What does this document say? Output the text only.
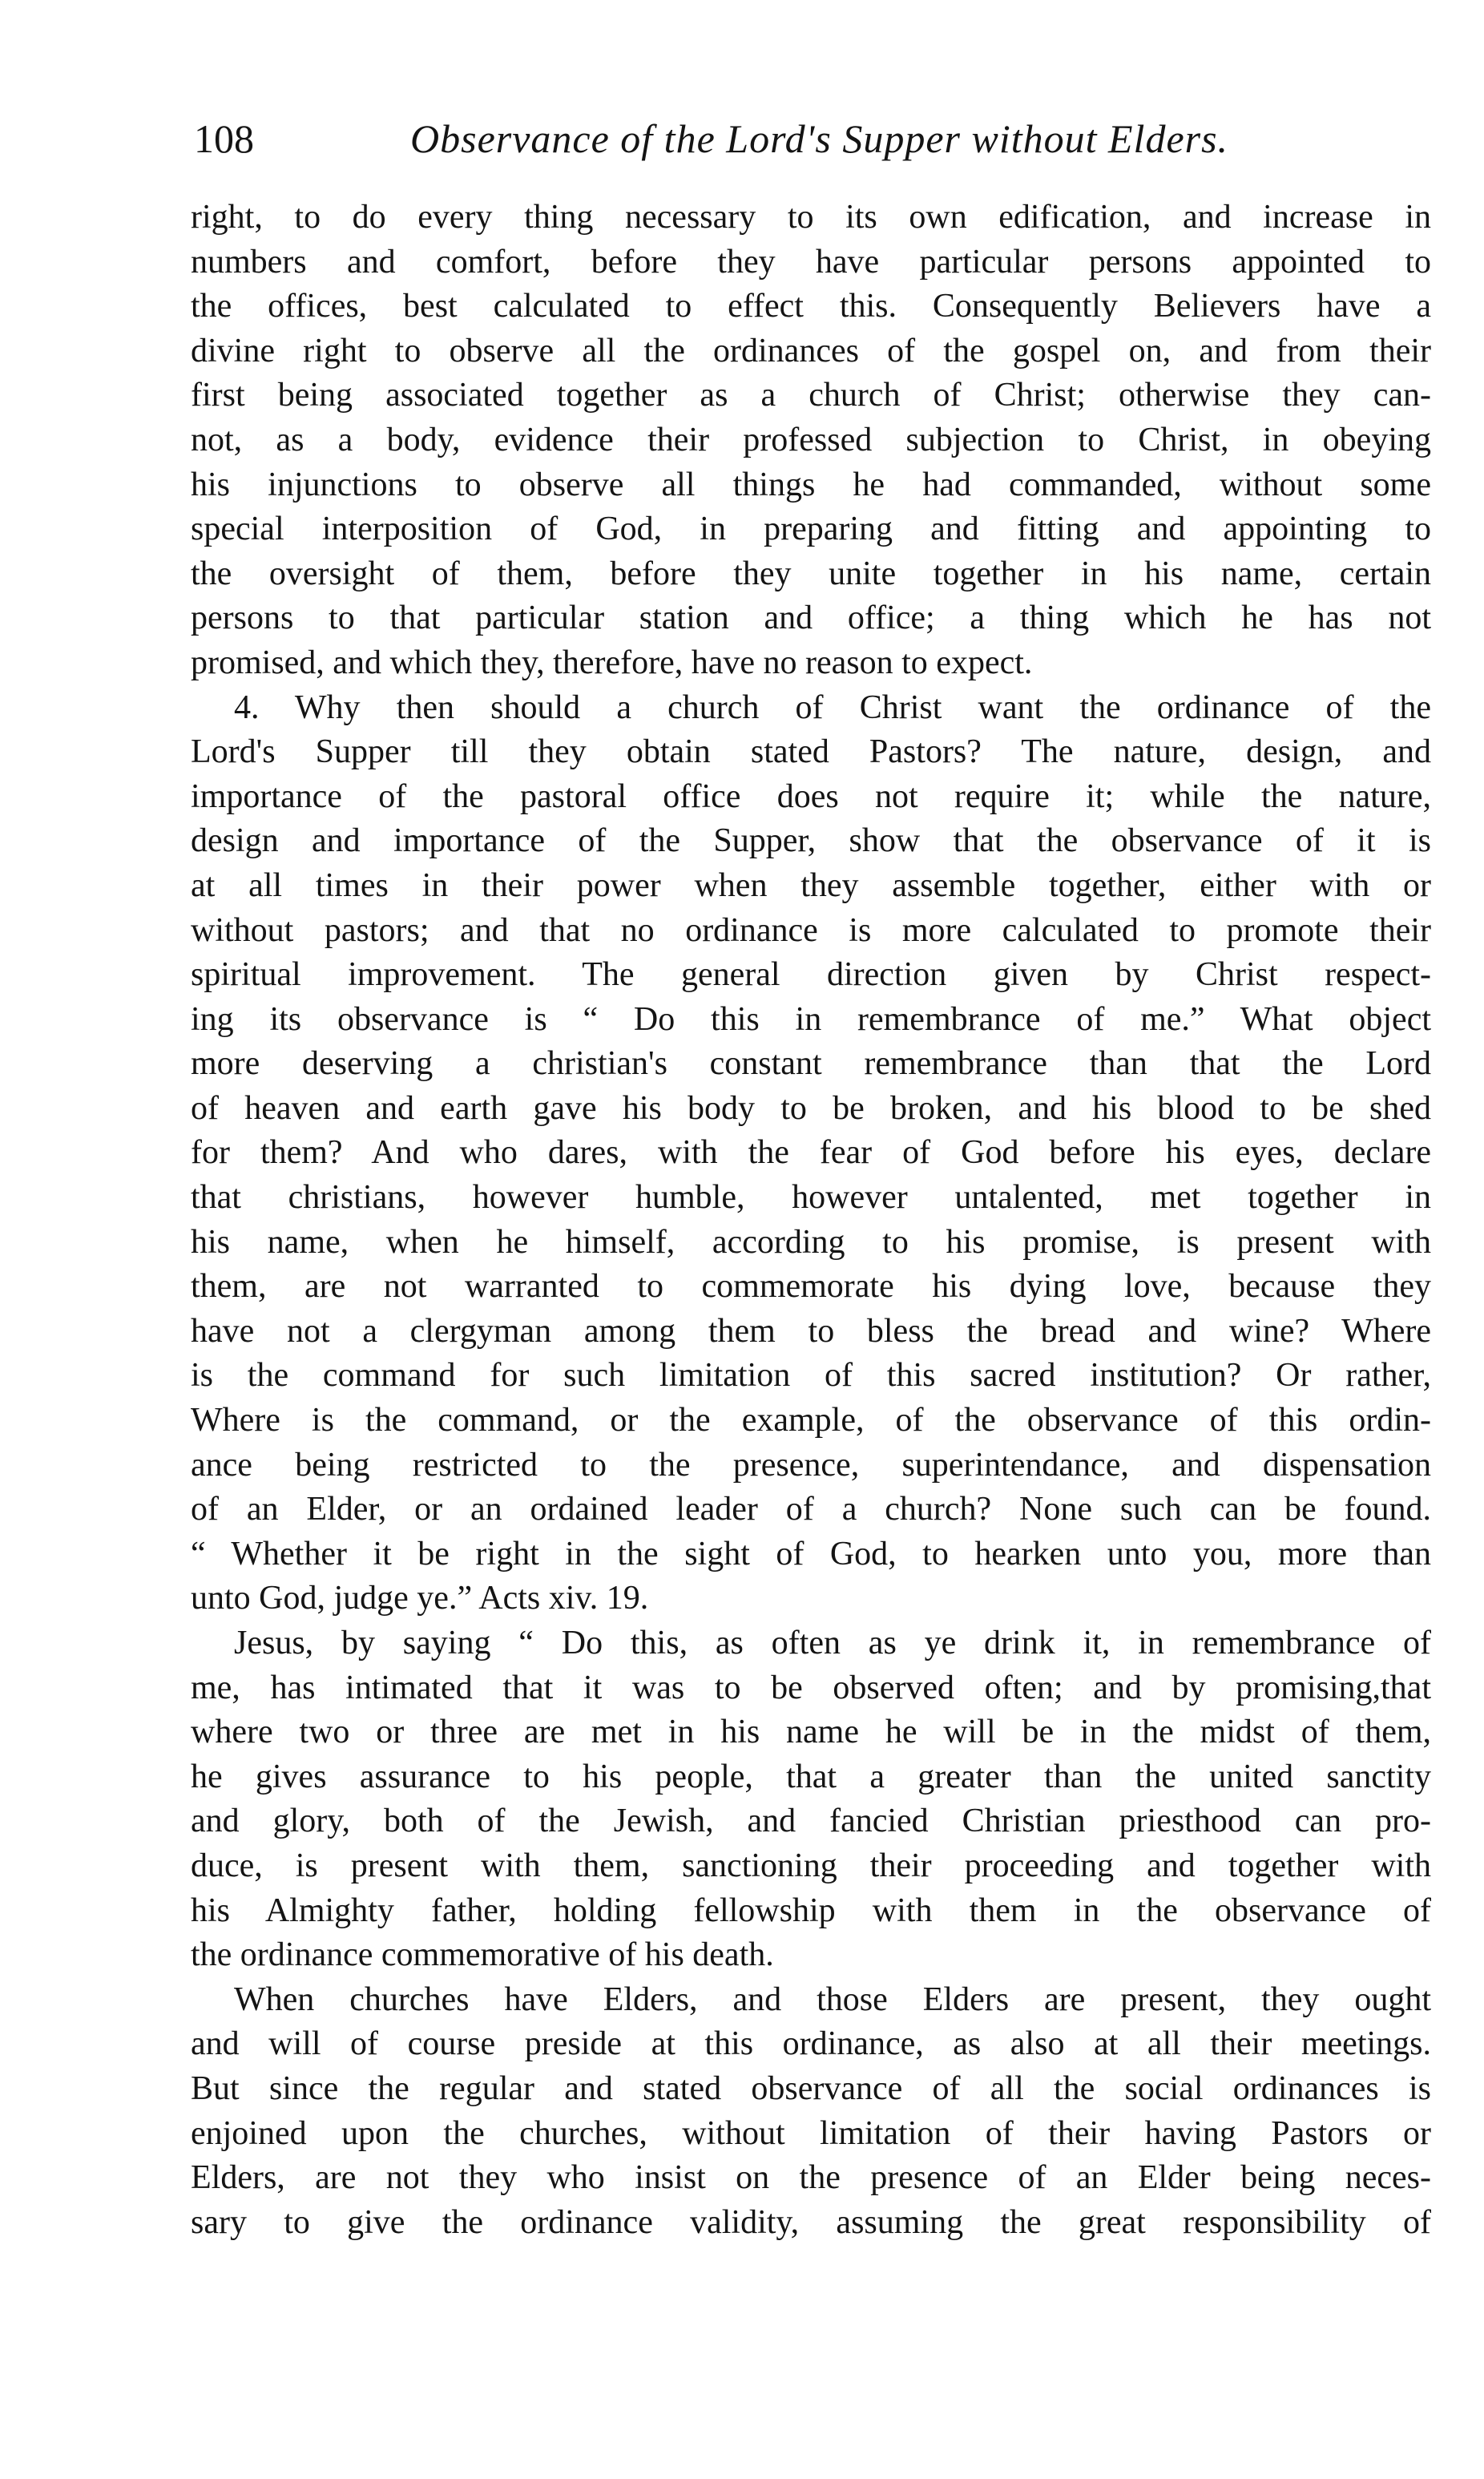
108	Observance of the Lord's Supper without Elders.
right, to do every thing necessary to its own edification, and increase in
numbers and comfort, before they have particular persons appointed to
the offices, best calculated to effect this. Consequently Believers have a
divine right to observe all the ordinances of the gospel on, and from their
first being associated together as a church of Christ; otherwise they can-
not, as a body, evidence their professed subjection to Christ, in obeying
his injunctions to observe all things he had commanded, without some
special interposition of God, in preparing and fitting and appointing to
the oversight of them, before they unite together in his name, certain
persons to that particular station and office; a thing which he has not
promised, and which they, therefore, have no reason to expect.
4. Why then should a church of Christ want the ordinance of the
Lord's Supper till they obtain stated Pastors? The nature, design, and
importance of the pastoral office does not require it; while the nature,
design and importance of the Supper, show that the observance of it is
at all times in their power when they assemble together, either with or
without pastors; and that no ordinance is more calculated to promote their
spiritual improvement. The general direction given by Christ respect-
ing its observance is “ Do this in remembrance of me.” What object
more deserving a christian's constant remembrance than that the Lord
of heaven and earth gave his body to be broken, and his blood to be shed
for them? And who dares, with the fear of God before his eyes, declare
that christians, however humble, however untalented, met together in
his name, when he himself, according to his promise, is present with
them, are not warranted to commemorate his dying love, because they
have not a clergyman among them to bless the bread and wine? Where
is the command for such limitation of this sacred institution? Or rather,
Where is the command, or the example, of the observance of this ordin-
ance being restricted to the presence, superintendance, and dispensation
of an Elder, or an ordained leader of a church? None such can be found.
“ Whether it be right in the sight of God, to hearken unto you, more than
unto God, judge ye.” Acts xiv. 19.
Jesus, by saying “ Do this, as often as ye drink it, in remembrance of
me, has intimated that it was to be observed often; and by promising,that
where two or three are met in his name he will be in the midst of them,
he gives assurance to his people, that a greater than the united sanctity
and glory, both of the Jewish, and fancied Christian priesthood can pro-
duce, is present with them, sanctioning their proceeding and together with
his Almighty father, holding fellowship with them in the observance of
the ordinance commemorative of his death.
When churches have Elders, and those Elders are present, they ought
and will of course preside at this ordinance, as also at all their meetings.
But since the regular and stated observance of all the social ordinances is
enjoined upon the churches, without limitation of their having Pastors or
Elders, are not they who insist on the presence of an Elder being neces-
sary to give the ordinance validity, assuming the great responsibility of
